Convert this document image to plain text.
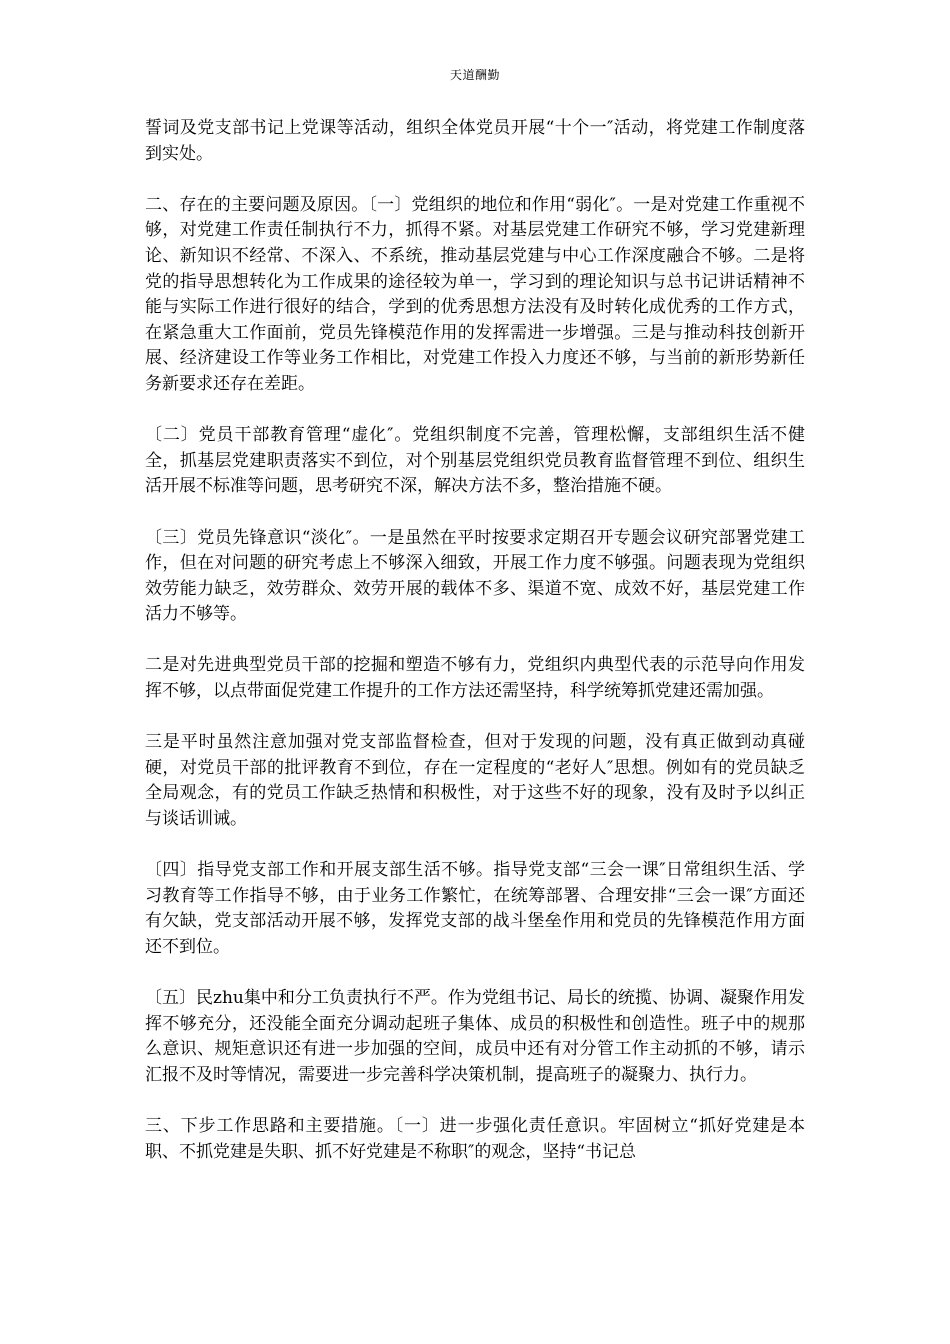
天道酬勤

誓词及党支部书记上党课等活动，组织全体党员开展“十个一″活动，将党建工作制度落到实处。

二、存在的主要问题及原因。〔一〕党组织的地位和作用“弱化″。一是对党建工作重视不够，对党建工作责任制执行不力，抓得不紧。对基层党建工作研究不够，学习党建新理论、新知识不经常、不深入、不系统，推动基层党建与中心工作深度融合不够。二是将党的指导思想转化为工作成果的途径较为单一，学习到的理论知识与总书记讲话精神不能与实际工作进行很好的结合，学到的优秀思想方法没有及时转化成优秀的工作方式，在紧急重大工作面前，党员先锋模范作用的发挥需进一步增强。三是与推动科技创新开展、经济建设工作等业务工作相比，对党建工作投入力度还不够，与当前的新形势新任务新要求还存在差距。

〔二〕党员干部教育管理“虚化″。党组织制度不完善，管理松懈，支部组织生活不健全，抓基层党建职责落实不到位，对个别基层党组织党员教育监督管理不到位、组织生活开展不标准等问题，思考研究不深，解决方法不多，整治措施不硬。

〔三〕党员先锋意识“淡化″。一是虽然在平时按要求定期召开专题会议研究部署党建工作，但在对问题的研究考虑上不够深入细致，开展工作力度不够强。问题表现为党组织效劳能力缺乏，效劳群众、效劳开展的载体不多、渠道不宽、成效不好，基层党建工作活力不够等。

二是对先进典型党员干部的挖掘和塑造不够有力，党组织内典型代表的示范导向作用发挥不够，以点带面促党建工作提升的工作方法还需坚持，科学统筹抓党建还需加强。

三是平时虽然注意加强对党支部监督检查，但对于发现的问题，没有真正做到动真碰硬，对党员干部的批评教育不到位，存在一定程度的“老好人″思想。例如有的党员缺乏全局观念，有的党员工作缺乏热情和积极性，对于这些不好的现象，没有及时予以纠正与谈话训诫。

〔四〕指导党支部工作和开展支部生活不够。指导党支部“三会一课″日常组织生活、学习教育等工作指导不够，由于业务工作繁忙，在统筹部署、合理安排“三会一课″方面还有欠缺，党支部活动开展不够，发挥党支部的战斗堡垒作用和党员的先锋模范作用方面还不到位。

〔五〕民zhu集中和分工负责执行不严。作为党组书记、局长的统揽、协调、凝聚作用发挥不够充分，还没能全面充分调动起班子集体、成员的积极性和创造性。班子中的规那么意识、规矩意识还有进一步加强的空间，成员中还有对分管工作主动抓的不够，请示汇报不及时等情况，需要进一步完善科学决策机制，提高班子的凝聚力、执行力。

三、下步工作思路和主要措施。〔一〕进一步强化责任意识。牢固树立“抓好党建是本职、不抓党建是失职、抓不好党建是不称职″的观念，坚持“书记总
